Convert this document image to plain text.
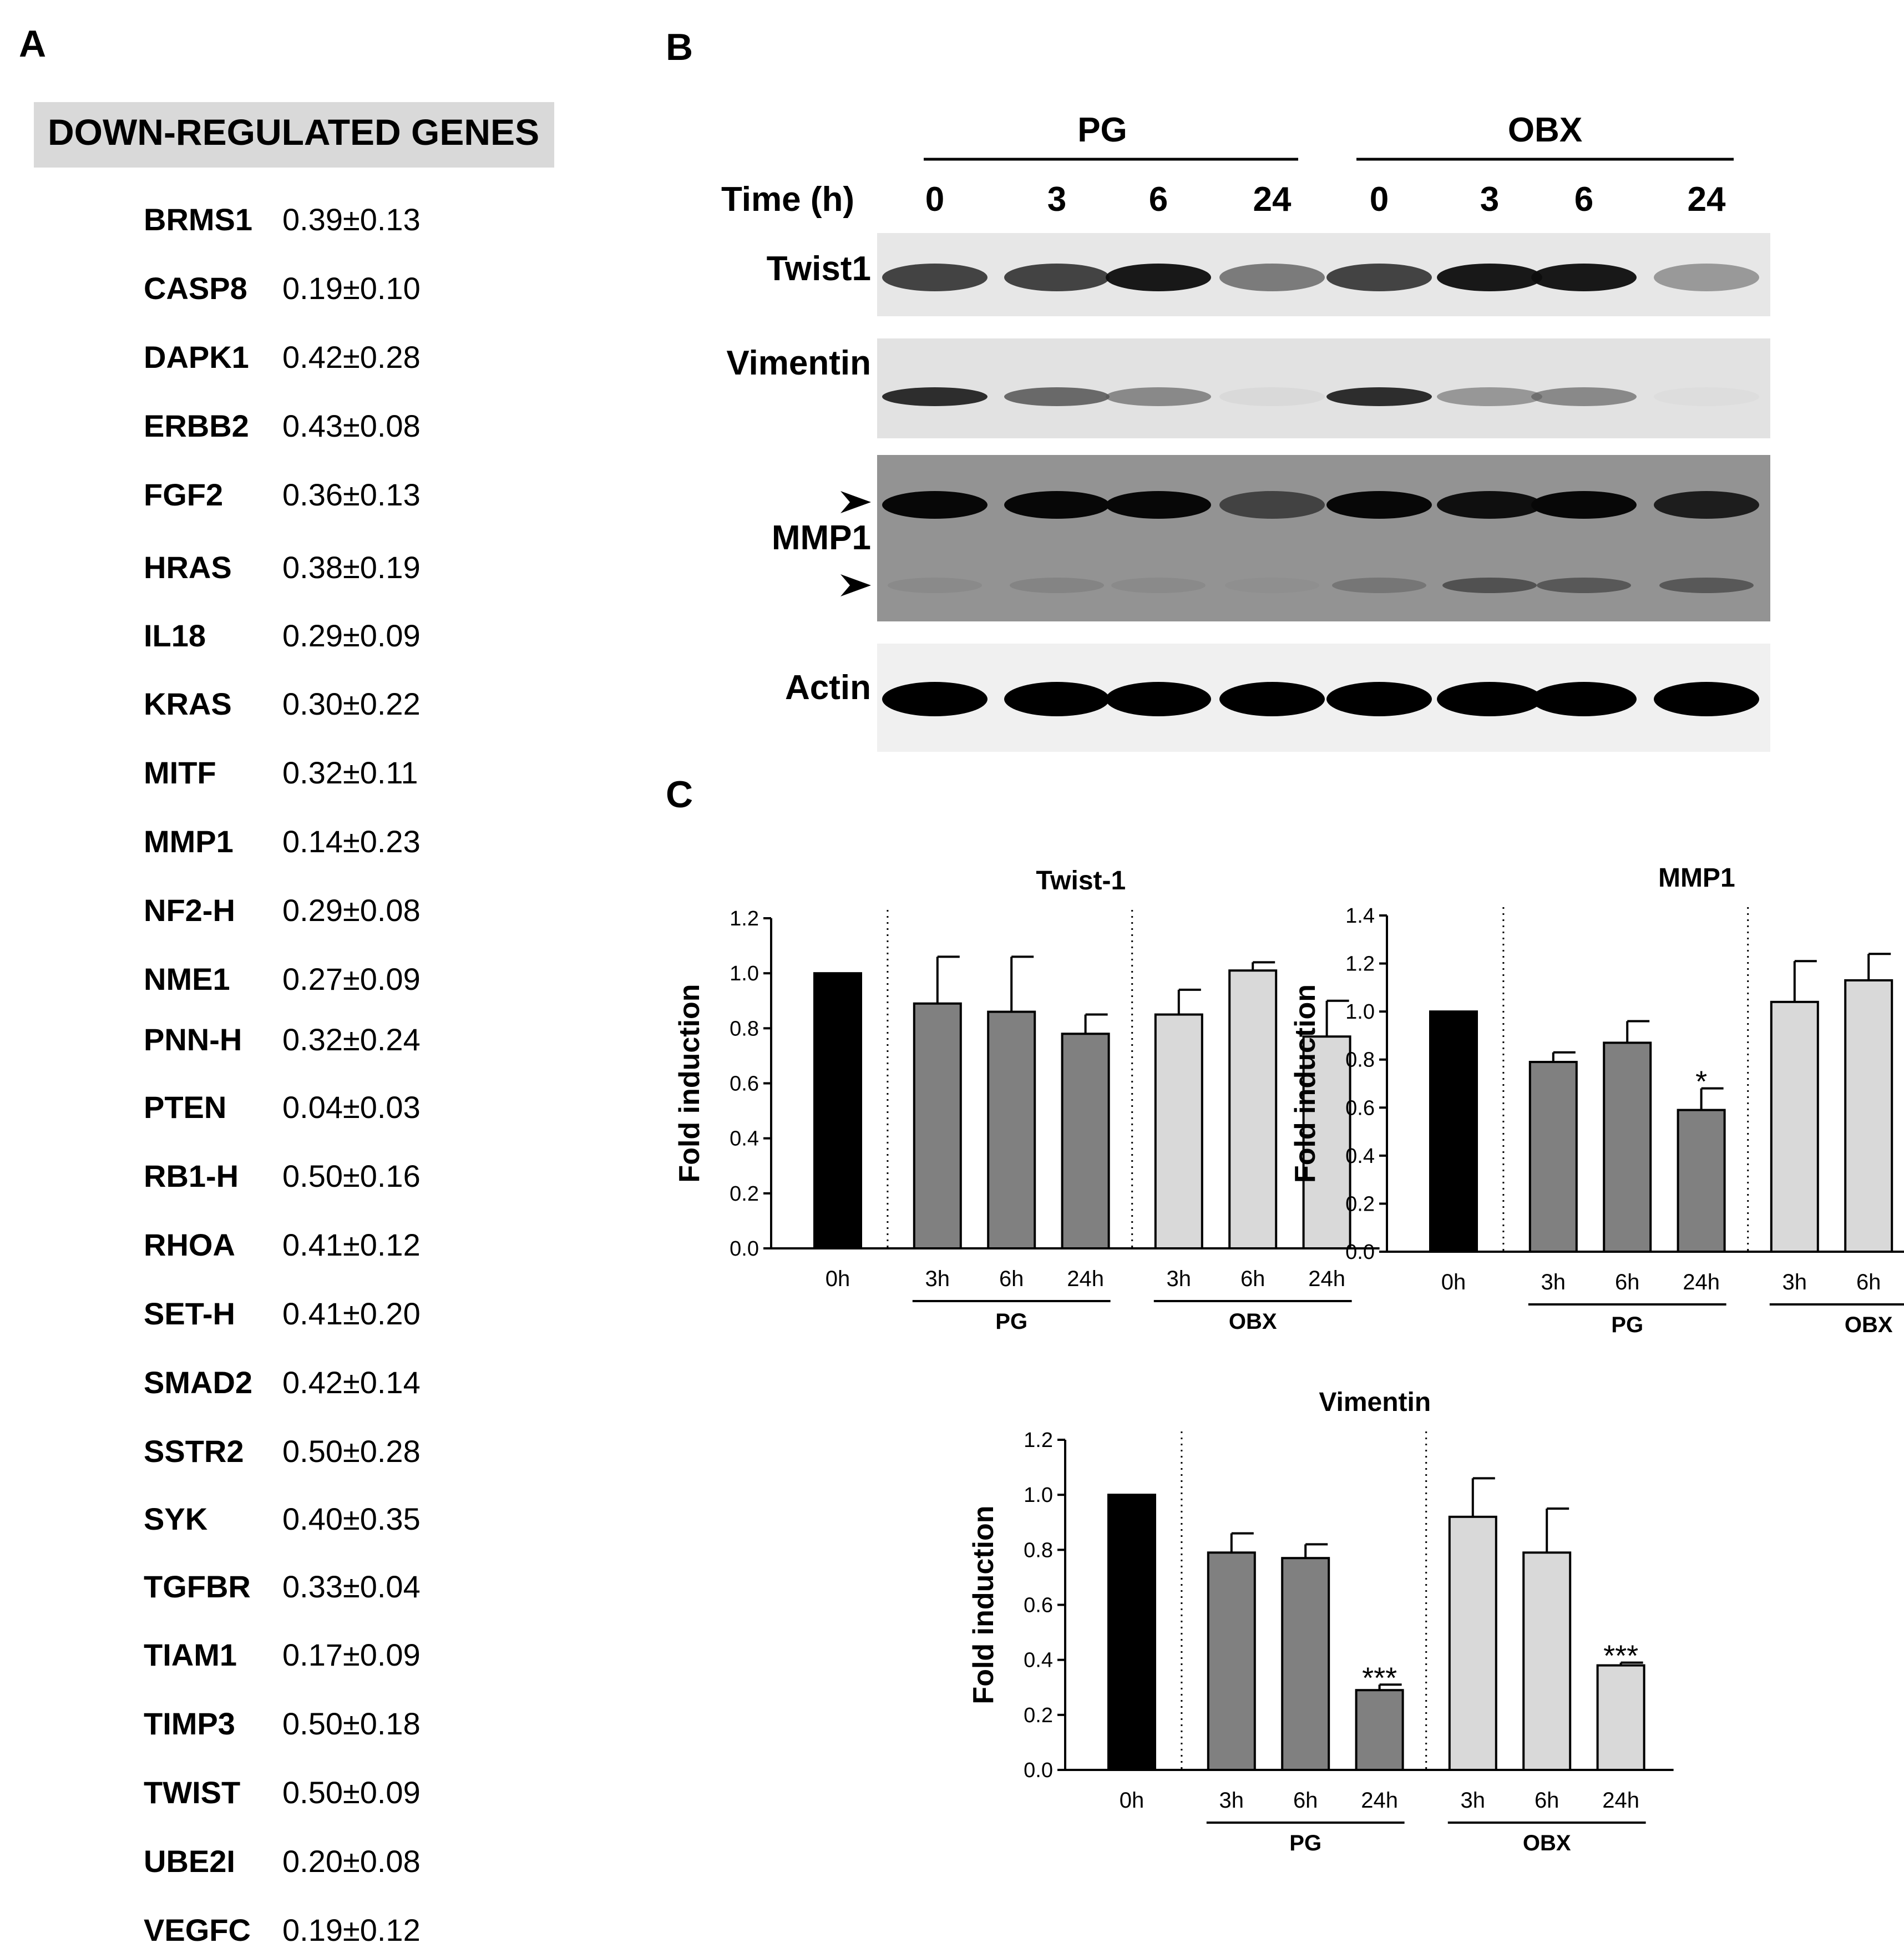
A	B
C
DOWN-REGULATED GENES
BRMS1 0.39±0.13
CASP8 0.19±0.10
DAPK1 0.42±0.28
ERBB2 0.43±0.08
FGF2 0.36±0.13
HRAS 0.38±0.19
IL18 0.29±0.09
KRAS 0.30±0.22
MITF 0.32±0.11
MMP1 0.14±0.23
NF2-H 0.29±0.08
NME1 0.27±0.09
PNN-H 0.32±0.24
PTEN 0.04±0.03
RB1-H 0.50±0.16
RHOA 0.41±0.12
SET-H 0.41±0.20
SMAD2 0.42±0.14
SSTR2 0.50±0.28
SYK 0.40±0.35
TGFBR 0.33±0.04
TIAM1 0.17±0.09
TIMP3 0.50±0.18
TWIST 0.50±0.09
UBE2I 0.20±0.08
VEGFC 0.19±0.12
PG	OBX
Time (h) 0	3 6 24 0	3 6	24
Twist1
Vimentin
MMP1
Actin
Twist-1
Fold induction
0.0
0.2
0.4
0.6
0.8
1.0
1.2
0h	3h 6h 24h	3h 6h 24h
PG	OBX
MMP1
Fold induction
0.0
0.2
0.4
0.6
0.8
1.0
1.2
1.4
0h	3h 6h
*
24h	3h 6h
PG	OBX
Vimentin
Fold induction
0.0
0.2
0.4
0.6
0.8
1.0
1.2
0h	3h 6h
***
24h	3h 6h
***
24h
PG	OBX
